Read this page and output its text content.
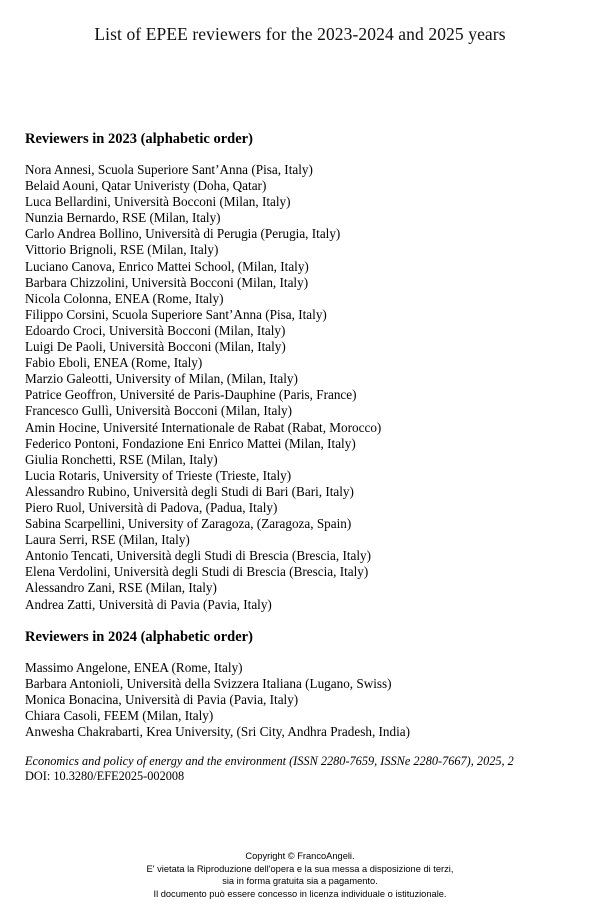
List of EPEE reviewers for the 2023-2024 and 2025 years
Reviewers in 2023 (alphabetic order)
Nora Annesi, Scuola Superiore Sant’Anna (Pisa, Italy)
Belaid Aouni, Qatar Univeristy (Doha, Qatar)
Luca Bellardini, Università Bocconi (Milan, Italy)
Nunzia Bernardo, RSE (Milan, Italy)
Carlo Andrea Bollino, Università di Perugia (Perugia, Italy)
Vittorio Brignoli, RSE (Milan, Italy)
Luciano Canova, Enrico Mattei School, (Milan, Italy)
Barbara Chizzolini, Università Bocconi (Milan, Italy)
Nicola Colonna, ENEA (Rome, Italy)
Filippo Corsini, Scuola Superiore Sant’Anna (Pisa, Italy)
Edoardo Croci, Università Bocconi (Milan, Italy)
Luigi De Paoli, Università Bocconi (Milan, Italy)
Fabio Eboli, ENEA (Rome, Italy)
Marzio Galeotti, University of Milan, (Milan, Italy)
Patrice Geoffron, Université de Paris-Dauphine (Paris, France)
Francesco Gullì, Università Bocconi (Milan, Italy)
Amin Hocine, Université Internationale de Rabat (Rabat, Morocco)
Federico Pontoni, Fondazione Eni Enrico Mattei (Milan, Italy)
Giulia Ronchetti, RSE (Milan, Italy)
Lucia Rotaris, University of Trieste (Trieste, Italy)
Alessandro Rubino, Università degli Studi di Bari (Bari, Italy)
Piero Ruol, Università di Padova, (Padua, Italy)
Sabina Scarpellini, University of Zaragoza, (Zaragoza, Spain)
Laura Serri, RSE (Milan, Italy)
Antonio Tencati, Università degli Studi di Brescia (Brescia, Italy)
Elena Verdolini, Università degli Studi di Brescia (Brescia, Italy)
Alessandro Zani, RSE (Milan, Italy)
Andrea Zatti, Università di Pavia (Pavia, Italy)
Reviewers in 2024 (alphabetic order)
Massimo Angelone, ENEA (Rome, Italy)
Barbara Antonioli, Università della Svizzera Italiana (Lugano, Swiss)
Monica Bonacina, Università di Pavia (Pavia, Italy)
Chiara Casoli, FEEM (Milan, Italy)
Anwesha Chakrabarti, Krea University, (Sri City, Andhra Pradesh, India)
Economics and policy of energy and the environment (ISSN 2280-7659, ISSNe 2280-7667), 2025, 2
DOI: 10.3280/EFE2025-002008
Copyright © FrancoAngeli.
E' vietata la Riproduzione dell'opera e la sua messa a disposizione di terzi,
sia in forma gratuita sia a pagamento.
Il documento può essere concesso in licenza individuale o istituzionale.
